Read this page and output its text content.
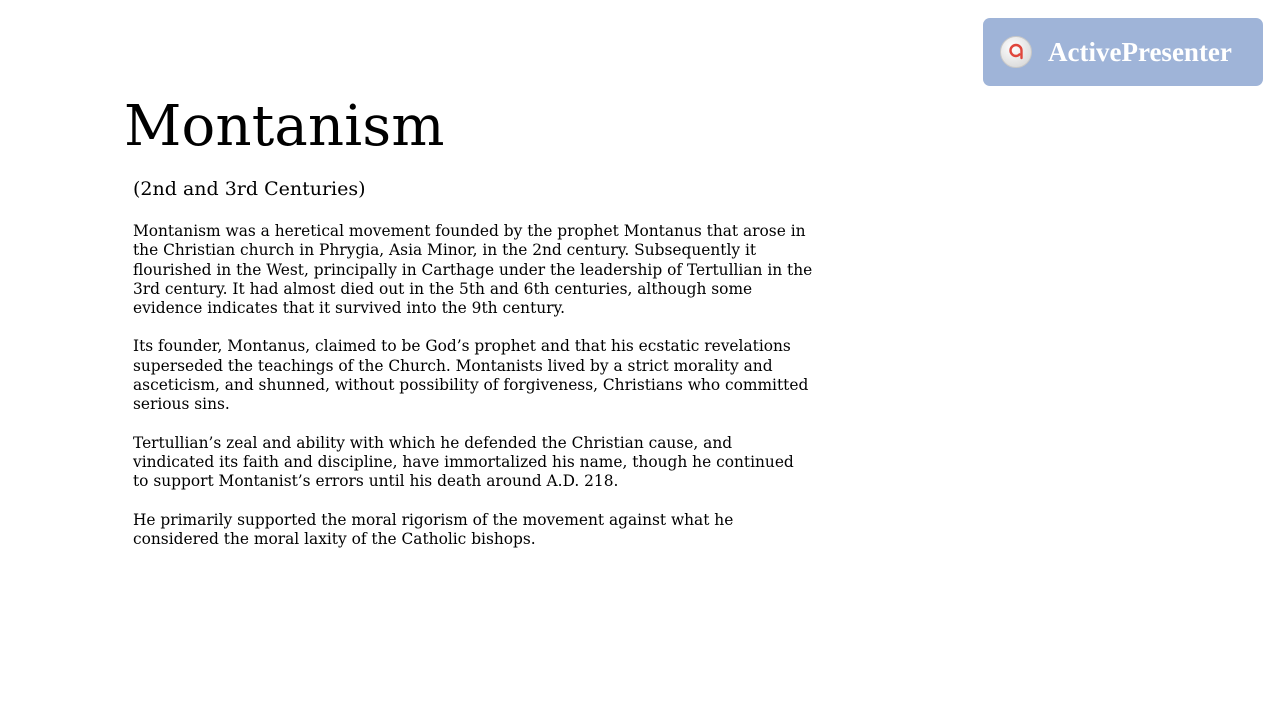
Montanism
(2nd and 3rd Centuries)

Montanism was a heretical movement founded by the prophet Montanus that arose in the Christian church in Phrygia, Asia Minor, in the 2nd century. Subsequently it flourished in the West, principally in Carthage under the leadership of Tertullian in the 3rd century. It had almost died out in the 5th and 6th centuries, although some evidence indicates that it survived into the 9th century.

Its founder, Montanus, claimed to be God’s prophet and that his ecstatic revelations superseded the teachings of the Church. Montanists lived by a strict morality and asceticism, and shunned, without possibility of forgiveness, Christians who committed serious sins.

Tertullian’s zeal and ability with which he defended the Christian cause, and vindicated its faith and discipline, have immortalized his name, though he continued to support Montanist’s errors until his death around A.D. 218.

He primarily supported the moral rigorism of the movement against what he considered the moral laxity of the Catholic bishops.

ActivePresenter
